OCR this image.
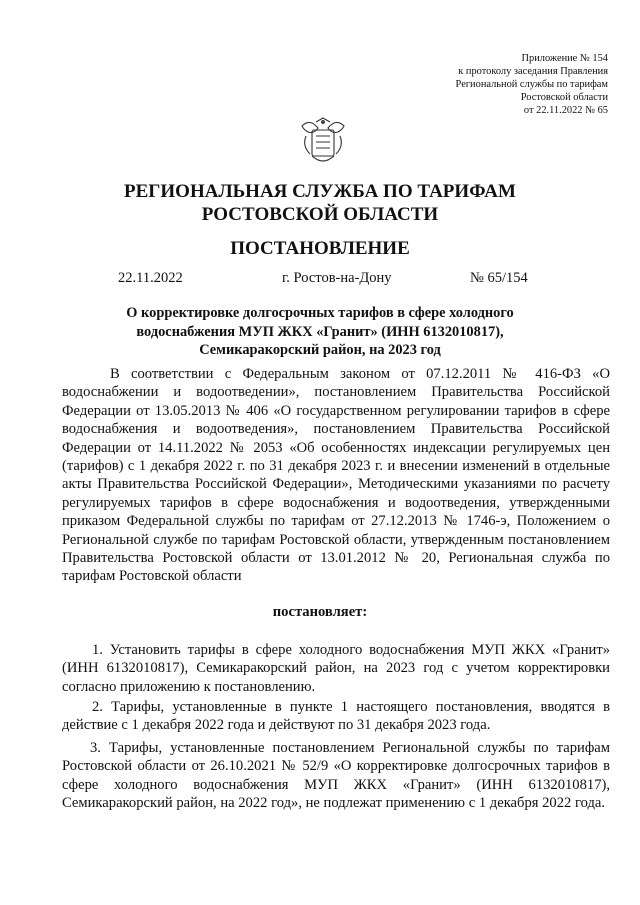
Приложение № 154
к протоколу заседания Правления
Региональной службы по тарифам
Ростовской области
от 22.11.2022 № 65
РЕГИОНАЛЬНАЯ СЛУЖБА ПО ТАРИФАМ
РОСТОВСКОЙ ОБЛАСТИ
ПОСТАНОВЛЕНИЕ
22.11.2022	г. Ростов-на-Дону	№ 65/154
О корректировке долгосрочных тарифов в сфере холодного
водоснабжения МУП ЖКХ «Гранит» (ИНН 6132010817),
Семикаракорский район, на 2023 год
В соответствии с Федеральным законом от 07.12.2011 № 416-ФЗ «О водоснабжении и водоотведении», постановлением Правительства Российской Федерации от 13.05.2013 № 406 «О государственном регулировании тарифов в сфере водоснабжения и водоотведения», постановлением Правительства Российской Федерации от 14.11.2022 № 2053 «Об особенностях индексации регулируемых цен (тарифов) с 1 декабря 2022 г. по 31 декабря 2023 г. и внесении изменений в отдельные акты Правительства Российской Федерации», Методическими указаниями по расчету регулируемых тарифов в сфере водоснабжения и водоотведения, утвержденными приказом Федеральной службы по тарифам от 27.12.2013 № 1746-э, Положением о Региональной службе по тарифам Ростовской области, утвержденным постановлением Правительства Ростовской области от 13.01.2012 № 20, Региональная служба по тарифам Ростовской области
постановляет:
1. Установить тарифы в сфере холодного водоснабжения МУП ЖКХ «Гранит» (ИНН 6132010817), Семикаракорский район, на 2023 год с учетом корректировки согласно приложению к постановлению.
2. Тарифы, установленные в пункте 1 настоящего постановления, вводятся в действие с 1 декабря 2022 года и действуют по 31 декабря 2023 года.
3. Тарифы, установленные постановлением Региональной службы по тарифам Ростовской области от 26.10.2021 № 52/9 «О корректировке долгосрочных тарифов в сфере холодного водоснабжения МУП ЖКХ «Гранит» (ИНН 6132010817), Семикаракорский район, на 2022 год», не подлежат применению с 1 декабря 2022 года.
